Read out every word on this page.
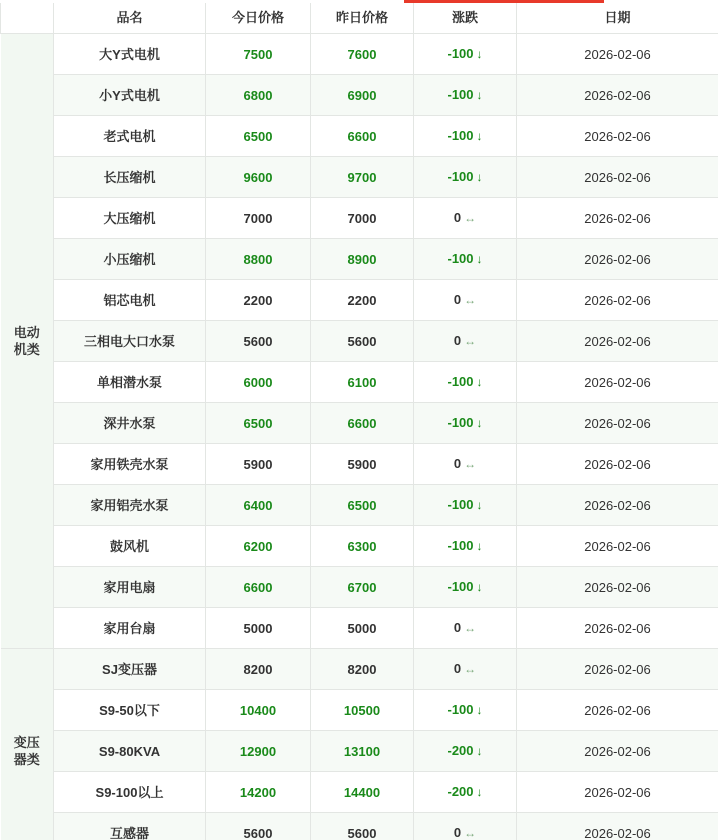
	品名	今日价格	昨日价格	涨跌	日期
电动机类	大Y式电机	7500	7600	-100 ↓	2026-02-06
	小Y式电机	6800	6900	-100 ↓	2026-02-06
	老式电机	6500	6600	-100 ↓	2026-02-06
	长压缩机	9600	9700	-100 ↓	2026-02-06
	大压缩机	7000	7000	0 ↔	2026-02-06
	小压缩机	8800	8900	-100 ↓	2026-02-06
	铝芯电机	2200	2200	0 ↔	2026-02-06
	三相电大口水泵	5600	5600	0 ↔	2026-02-06
	单相潜水泵	6000	6100	-100 ↓	2026-02-06
	深井水泵	6500	6600	-100 ↓	2026-02-06
	家用铁壳水泵	5900	5900	0 ↔	2026-02-06
	家用铝壳水泵	6400	6500	-100 ↓	2026-02-06
	鼓风机	6200	6300	-100 ↓	2026-02-06
	家用电扇	6600	6700	-100 ↓	2026-02-06
	家用台扇	5000	5000	0 ↔	2026-02-06
变压器类	SJ变压器	8200	8200	0 ↔	2026-02-06
	S9-50以下	10400	10500	-100 ↓	2026-02-06
	S9-80KVA	12900	13100	-200 ↓	2026-02-06
	S9-100以上	14200	14400	-200 ↓	2026-02-06
	互感器	5600	5600	0 ↔	2026-02-06
